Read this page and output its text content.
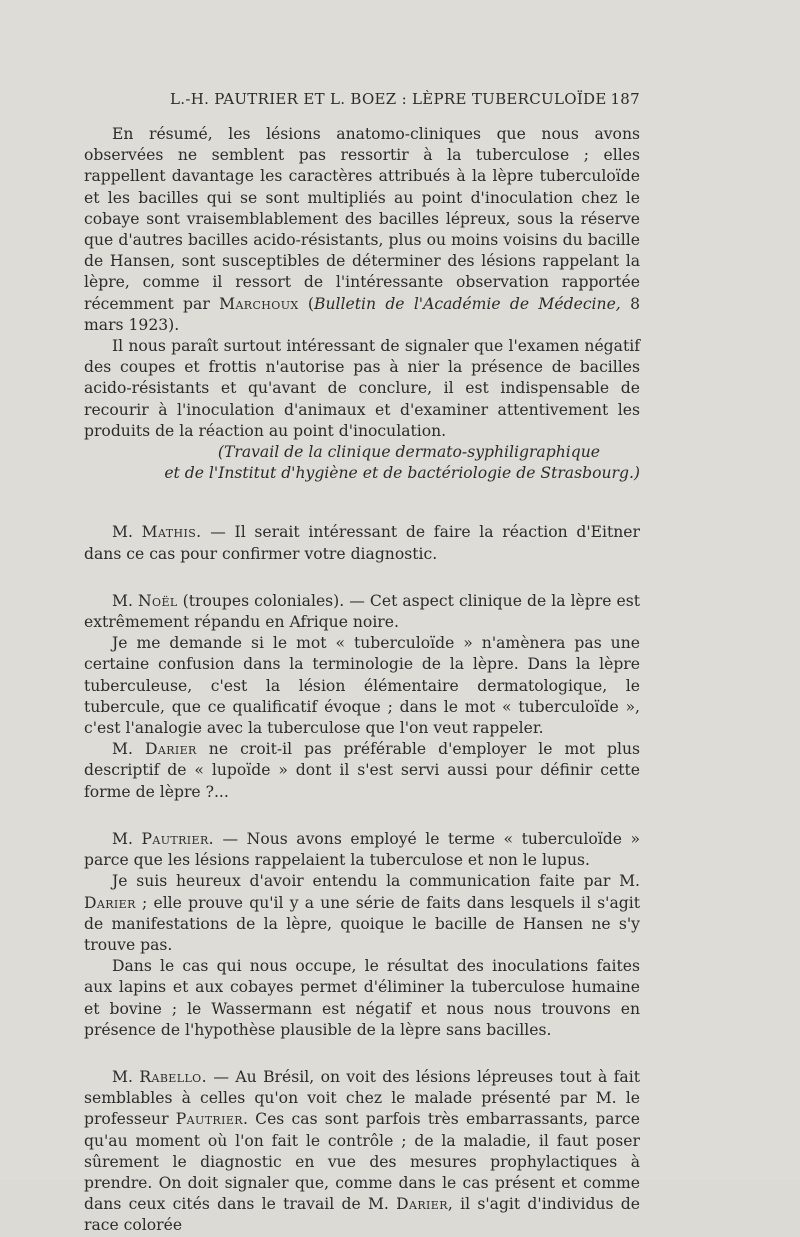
L.-H. PAUTRIER ET L. BOEZ : LÈPRE TUBERCULOÏDE 187

En résumé, les lésions anatomo-cliniques que nous avons observées ne semblent pas ressortir à la tuberculose ; elles rappellent davantage les caractères attribués à la lèpre tuberculoïde et les bacilles qui se sont multipliés au point d'inoculation chez le cobaye sont vraisemblablement des bacilles lépreux, sous la réserve que d'autres bacilles acido-résistants, plus ou moins voisins du bacille de Hansen, sont susceptibles de déterminer des lésions rappelant la lèpre, comme il ressort de l'intéressante observation rapportée récemment par Marchoux (Bulletin de l'Académie de Médecine, 8 mars 1923).

Il nous paraît surtout intéressant de signaler que l'examen négatif des coupes et frottis n'autorise pas à nier la présence de bacilles acido-résistants et qu'avant de conclure, il est indispensable de recourir à l'inoculation d'animaux et d'examiner attentivement les produits de la réaction au point d'inoculation.

(Travail de la clinique dermato-syphiligraphique
et de l'Institut d'hygiène et de bactériologie de Strasbourg.)

M. Mathis. — Il serait intéressant de faire la réaction d'Eitner dans ce cas pour confirmer votre diagnostic.

M. Noël (troupes coloniales). — Cet aspect clinique de la lèpre est extrêmement répandu en Afrique noire.

Je me demande si le mot « tuberculoïde » n'amènera pas une certaine confusion dans la terminologie de la lèpre. Dans la lèpre tuberculeuse, c'est la lésion élémentaire dermatologique, le tubercule, que ce qualificatif évoque ; dans le mot « tuberculoïde », c'est l'analogie avec la tuberculose que l'on veut rappeler.

M. Darier ne croit-il pas préférable d'employer le mot plus descriptif de « lupoïde » dont il s'est servi aussi pour définir cette forme de lèpre ?...

M. Pautrier. — Nous avons employé le terme « tuberculoïde » parce que les lésions rappelaient la tuberculose et non le lupus.

Je suis heureux d'avoir entendu la communication faite par M. Darier ; elle prouve qu'il y a une série de faits dans lesquels il s'agit de manifestations de la lèpre, quoique le bacille de Hansen ne s'y trouve pas.

Dans le cas qui nous occupe, le résultat des inoculations faites aux lapins et aux cobayes permet d'éliminer la tuberculose humaine et bovine ; le Wassermann est négatif et nous nous trouvons en présence de l'hypothèse plausible de la lèpre sans bacilles.

M. Rabello. — Au Brésil, on voit des lésions lépreuses tout à fait semblables à celles qu'on voit chez le malade présenté par M. le professeur Pautrier. Ces cas sont parfois très embarrassants, parce qu'au moment où l'on fait le contrôle ; de la maladie, il faut poser sûrement le diagnostic en vue des mesures prophylactiques à prendre. On doit signaler que, comme dans le cas présent et comme dans ceux cités dans le travail de M. Darier, il s'agit d'individus de race colorée
